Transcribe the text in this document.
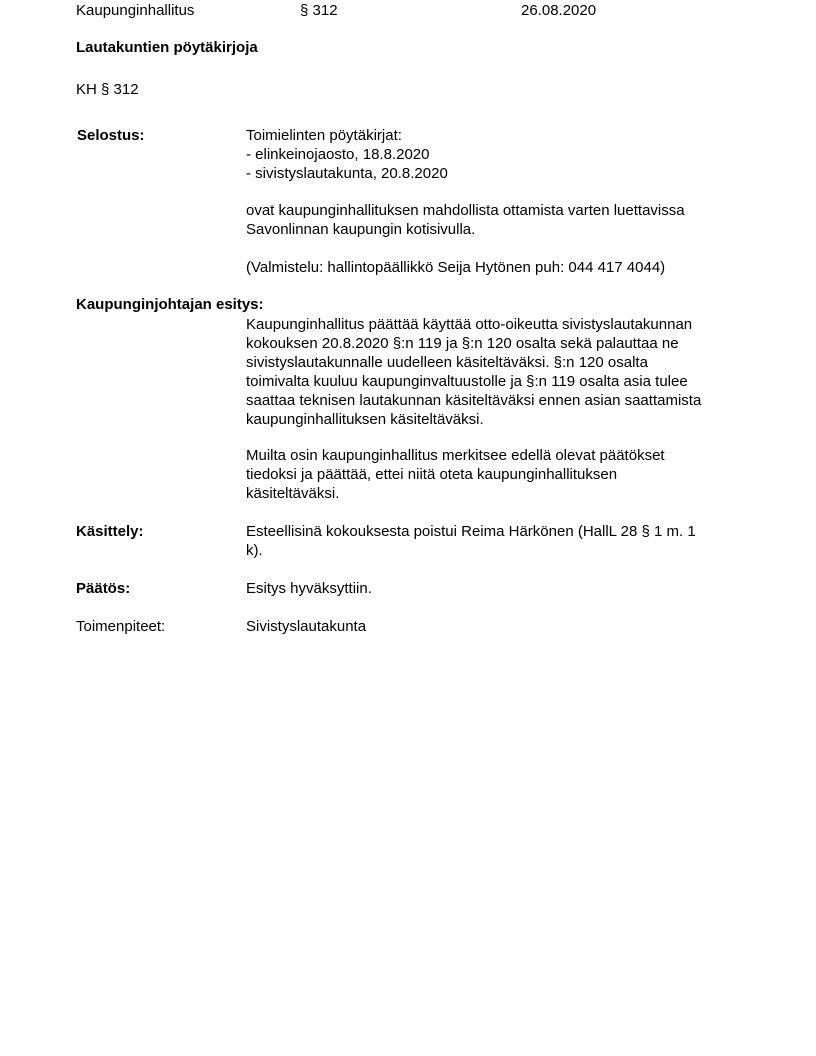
Kaupunginhallitus	§ 312	26.08.2020
Lautakuntien pöytäkirjoja
KH § 312
Selostus:	Toimielinten pöytäkirjat:
- elinkeinojaosto, 18.8.2020
- sivistyslautakunta, 20.8.2020
ovat kaupunginhallituksen mahdollista ottamista varten luettavissa
Savonlinnan kaupungin kotisivulla.
(Valmistelu: hallintopäällikkö Seija Hytönen puh: 044 417 4044)
Kaupunginjohtajan esitys:
Kaupunginhallitus päättää käyttää otto-oikeutta sivistyslautakunnan
kokouksen 20.8.2020 §:n 119 ja §:n 120 osalta sekä palauttaa ne
sivistyslautakunnalle uudelleen käsiteltäväksi. §:n 120 osalta
toimivalta kuuluu kaupunginvaltuustolle ja §:n 119 osalta asia tulee
saattaa teknisen lautakunnan käsiteltäväksi ennen asian saattamista
kaupunginhallituksen käsiteltäväksi.
Muilta osin kaupunginhallitus merkitsee edellä olevat päätökset
tiedoksi ja päättää, ettei niitä oteta kaupunginhallituksen
käsiteltäväksi.
Käsittely:	Esteellisinä kokouksesta poistui Reima Härkönen (HallL 28 § 1 m. 1
k).
Päätös:	Esitys hyväksyttiin.
Toimenpiteet:	Sivistyslautakunta
